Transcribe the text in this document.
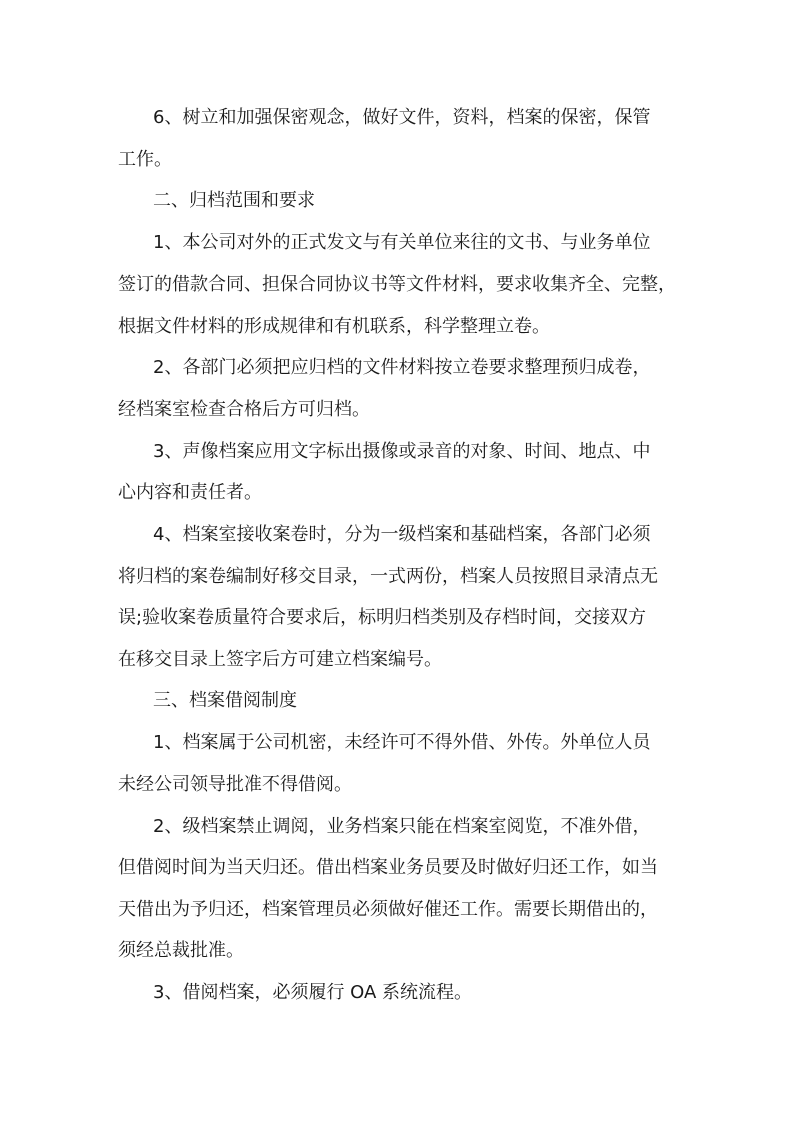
6、树立和加强保密观念，做好文件，资料，档案的保密，保管
工作。
二、归档范围和要求
1、本公司对外的正式发文与有关单位来往的文书、与业务单位
签订的借款合同、担保合同协议书等文件材料，要求收集齐全、完整，
根据文件材料的形成规律和有机联系，科学整理立卷。
2、各部门必须把应归档的文件材料按立卷要求整理预归成卷，
经档案室检查合格后方可归档。
3、声像档案应用文字标出摄像或录音的对象、时间、地点、中
心内容和责任者。
4、档案室接收案卷时，分为一级档案和基础档案，各部门必须
将归档的案卷编制好移交目录，一式两份，档案人员按照目录清点无
误;验收案卷质量符合要求后，标明归档类别及存档时间，交接双方
在移交目录上签字后方可建立档案编号。
三、档案借阅制度
1、档案属于公司机密，未经许可不得外借、外传。外单位人员
未经公司领导批准不得借阅。
2、级档案禁止调阅，业务档案只能在档案室阅览，不准外借，
但借阅时间为当天归还。借出档案业务员要及时做好归还工作，如当
天借出为予归还，档案管理员必须做好催还工作。需要长期借出的，
须经总裁批准。
3、借阅档案，必须履行 OA 系统流程。
